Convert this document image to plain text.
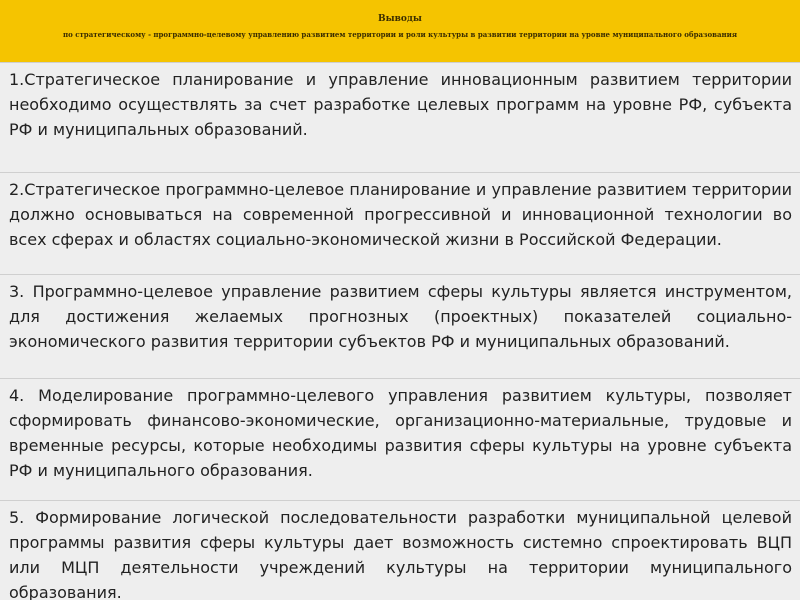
Выводы
по стратегическому - программно-целевому управлению развитием территории и роли культуры в развитии территории на уровне муниципального образования
1.Стратегическое планирование и управление инновационным развитием территории необходимо осуществлять за счет разработке целевых программ на уровне РФ, субъекта РФ и муниципальных образований.
2.Стратегическое программно-целевое планирование и управление развитием территории должно основываться на современной прогрессивной и инновационной технологии во всех сферах и областях социально-экономической жизни в Российской Федерации.
3. Программно-целевое управление развитием сферы культуры является инструментом, для достижения желаемых прогнозных (проектных) показателей социально-экономического развития территории субъектов РФ и муниципальных образований.
4. Моделирование программно-целевого управления развитием культуры, позволяет сформировать финансово-экономические, организационно-материальные, трудовые и временные ресурсы, которые необходимы развития сферы культуры на уровне субъекта РФ и муниципального образования.
5. Формирование логической последовательности разработки муниципальной целевой программы развития сферы культуры дает возможность системно спроектировать ВЦП или МЦП деятельности учреждений культуры на территории муниципального образования.
